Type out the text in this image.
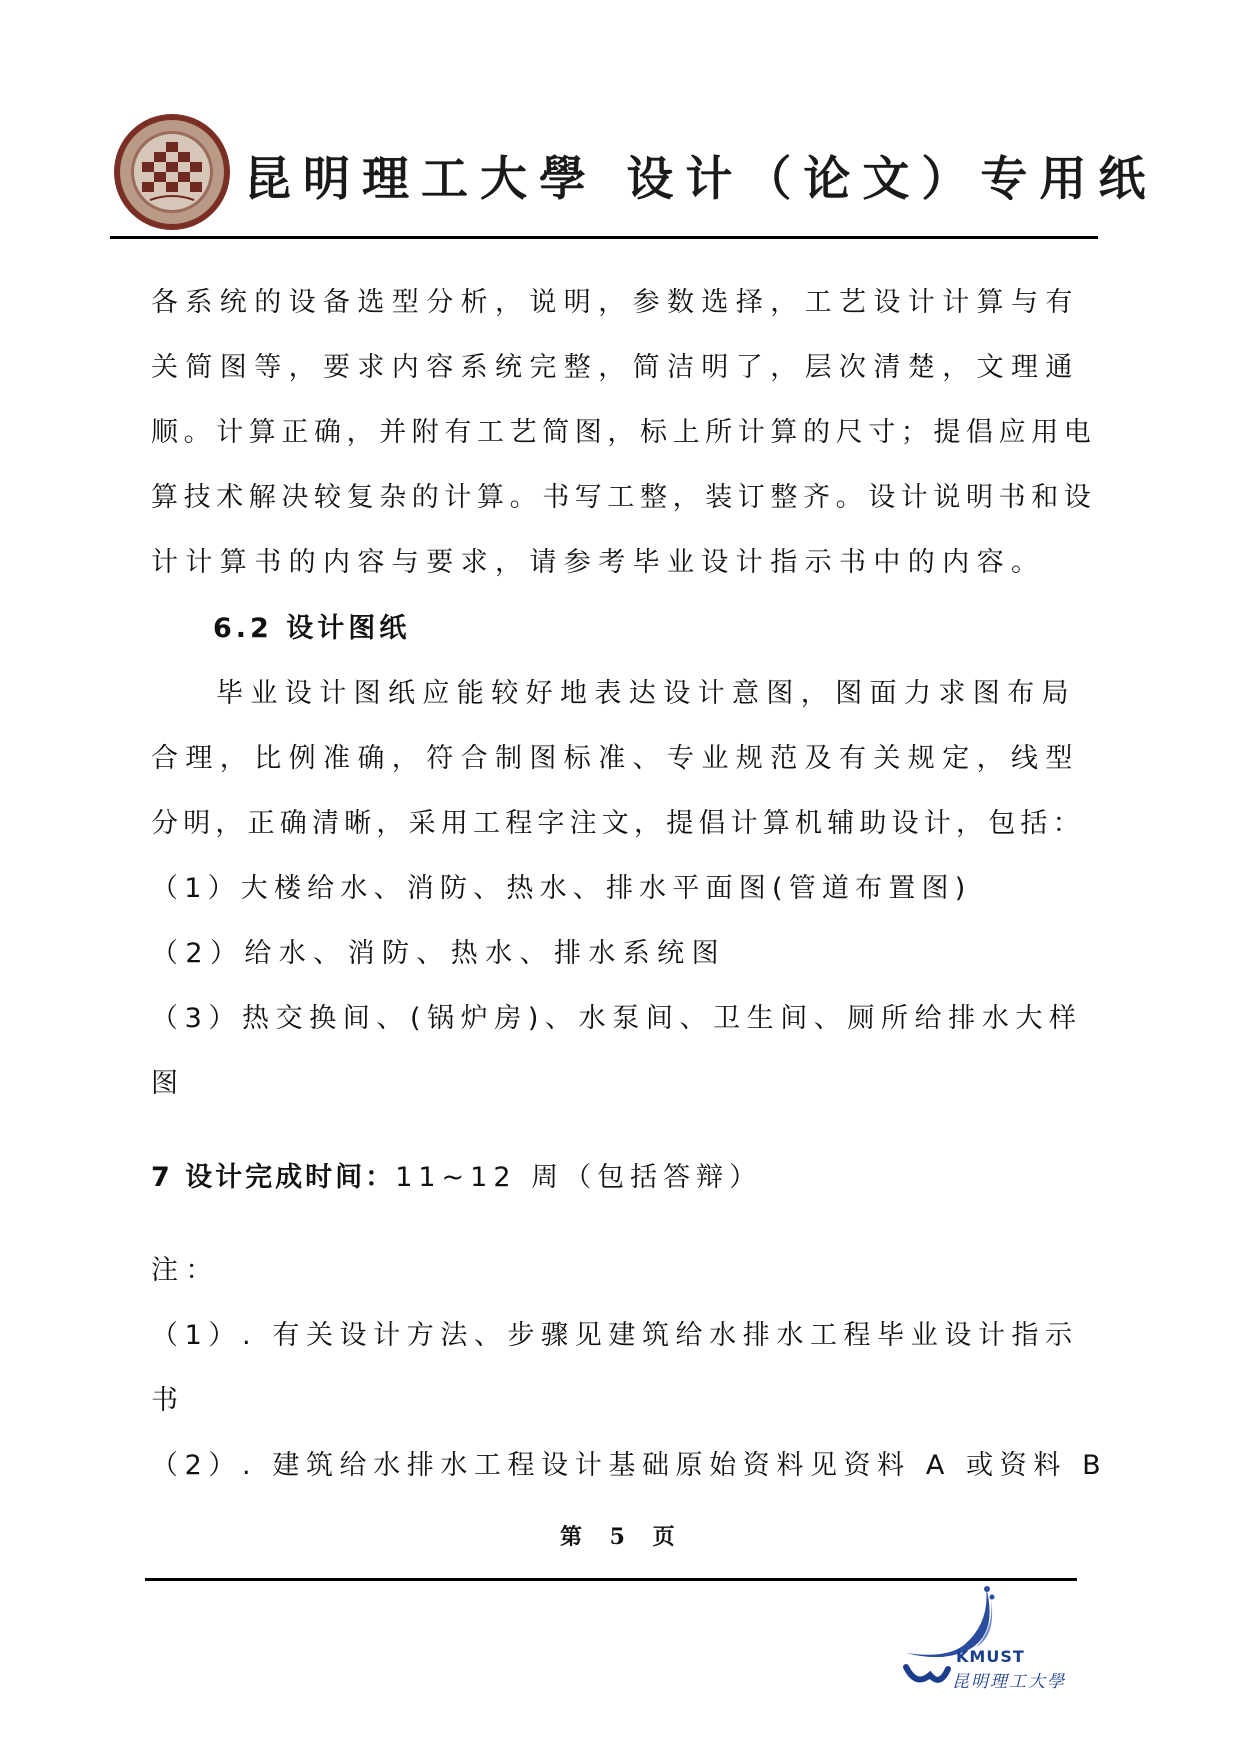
昆明理工大學 设计（论文）专用纸
各系统的设备选型分析，说明，参数选择，工艺设计计算与有
关简图等，要求内容系统完整，简洁明了，层次清楚，文理通
顺。计算正确，并附有工艺简图，标上所计算的尺寸；提倡应用电
算技术解决较复杂的计算。书写工整，装订整齐。设计说明书和设
计计算书的内容与要求，请参考毕业设计指示书中的内容。
6.2 设计图纸
毕业设计图纸应能较好地表达设计意图，图面力求图布局
合理，比例准确，符合制图标准、专业规范及有关规定，线型
分明，正确清晰，采用工程字注文，提倡计算机辅助设计，包括：
（1）大楼给水、消防、热水、排水平面图(管道布置图)
（2）给水、消防、热水、排水系统图
（3）热交换间、(锅炉房)、水泵间、卫生间、厕所给排水大样
图
7 设计完成时间：11~12 周（包括答辩）
注：
（1）. 有关设计方法、步骤见建筑给水排水工程毕业设计指示
书
（2）. 建筑给水排水工程设计基础原始资料见资料 A 或资料 B
第 5 页
KMUST
昆明理工大學
